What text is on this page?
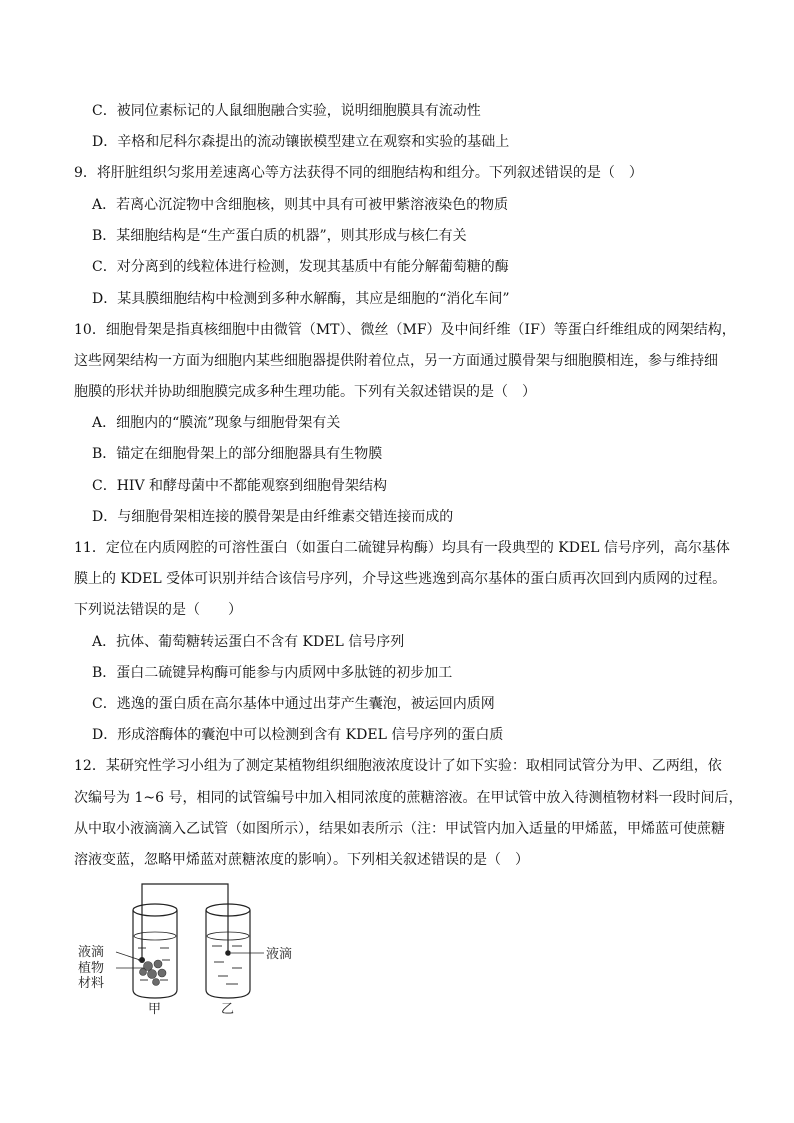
C．被同位素标记的人鼠细胞融合实验，说明细胞膜具有流动性
D．辛格和尼科尔森提出的流动镶嵌模型建立在观察和实验的基础上
9．将肝脏组织匀浆用差速离心等方法获得不同的细胞结构和组分。下列叙述错误的是（　）
A．若离心沉淀物中含细胞核，则其中具有可被甲紫溶液染色的物质
B．某细胞结构是“生产蛋白质的机器”，则其形成与核仁有关
C．对分离到的线粒体进行检测，发现其基质中有能分解葡萄糖的酶
D．某具膜细胞结构中检测到多种水解酶，其应是细胞的“消化车间”
10．细胞骨架是指真核细胞中由微管（MT）、微丝（MF）及中间纤维（IF）等蛋白纤维组成的网架结构，
这些网架结构一方面为细胞内某些细胞器提供附着位点，另一方面通过膜骨架与细胞膜相连，参与维持细
胞膜的形状并协助细胞膜完成多种生理功能。下列有关叙述错误的是（　）
A．细胞内的“膜流”现象与细胞骨架有关
B．锚定在细胞骨架上的部分细胞器具有生物膜
C．HIV 和酵母菌中不都能观察到细胞骨架结构
D．与细胞骨架相连接的膜骨架是由纤维素交错连接而成的
11．定位在内质网腔的可溶性蛋白（如蛋白二硫键异构酶）均具有一段典型的 KDEL 信号序列，高尔基体
膜上的 KDEL 受体可识别并结合该信号序列，介导这些逃逸到高尔基体的蛋白质再次回到内质网的过程。
下列说法错误的是（　　）
A．抗体、葡萄糖转运蛋白不含有 KDEL 信号序列
B．蛋白二硫键异构酶可能参与内质网中多肽链的初步加工
C．逃逸的蛋白质在高尔基体中通过出芽产生囊泡，被运回内质网
D．形成溶酶体的囊泡中可以检测到含有 KDEL 信号序列的蛋白质
12．某研究性学习小组为了测定某植物组织细胞液浓度设计了如下实验：取相同试管分为甲、乙两组，依
次编号为 1~6 号，相同的试管编号中加入相同浓度的蔗糖溶液。在甲试管中放入待测植物材料一段时间后，
从中取小液滴滴入乙试管（如图所示），结果如表所示（注：甲试管内加入适量的甲烯蓝，甲烯蓝可使蔗糖
溶液变蓝，忽略甲烯蓝对蔗糖浓度的影响）。下列相关叙述错误的是（　）
液滴
植物
材料
液滴
甲	乙
